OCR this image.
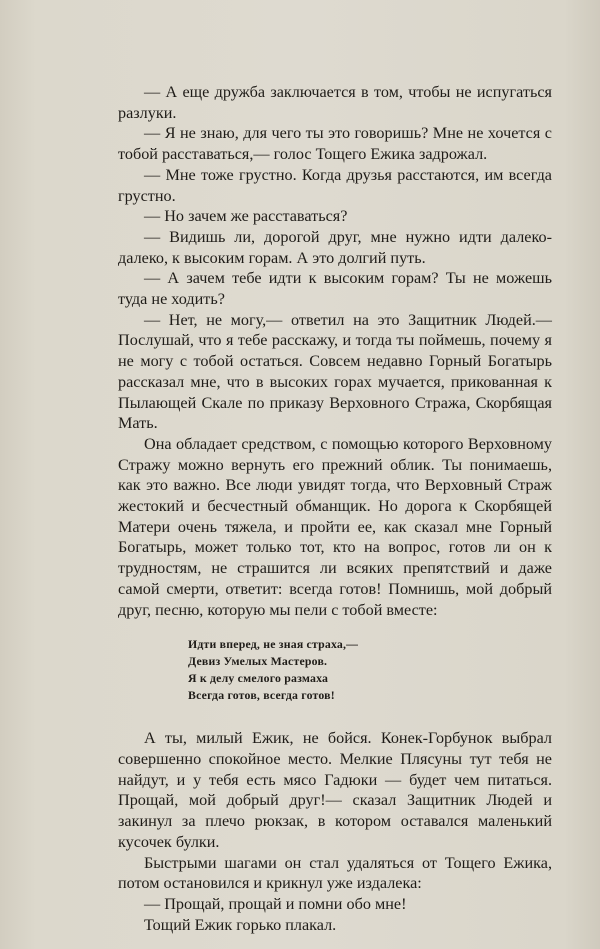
— А еще дружба заключается в том, чтобы не испугаться разлуки.

— Я не знаю, для чего ты это говоришь? Мне не хочется с тобой расставаться,— голос Тощего Ежика задрожал.

— Мне тоже грустно. Когда друзья расстаются, им всегда грустно.

— Но зачем же расставаться?

— Видишь ли, дорогой друг, мне нужно идти далеко-далеко, к высоким горам. А это долгий путь.

— А зачем тебе идти к высоким горам? Ты не можешь туда не ходить?

— Нет, не могу,— ответил на это Защитник Людей.— Послушай, что я тебе расскажу, и тогда ты поймешь, почему я не могу с тобой остаться. Совсем недавно Горный Богатырь рассказал мне, что в высоких горах мучается, прикованная к Пылающей Скале по приказу Верховного Стража, Скорбящая Мать.

Она обладает средством, с помощью которого Верховному Стражу можно вернуть его прежний облик. Ты понимаешь, как это важно. Все люди увидят тогда, что Верховный Страж жестокий и бесчестный обманщик. Но дорога к Скорбящей Матери очень тяжела, и пройти ее, как сказал мне Горный Богатырь, может только тот, кто на вопрос, готов ли он к трудностям, не страшится ли всяких препятствий и даже самой смерти, ответит: всегда готов! Помнишь, мой добрый друг, песню, которую мы пели с тобой вместе:

Идти вперед, не зная страха,—
Девиз Умелых Мастеров.
Я к делу смелого размаха
Всегда готов, всегда готов!

А ты, милый Ежик, не бойся. Конек-Горбунок выбрал совершенно спокойное место. Мелкие Плясуны тут тебя не найдут, и у тебя есть мясо Гадюки — будет чем питаться. Прощай, мой добрый друг!— сказал Защитник Людей и закинул за плечо рюкзак, в котором оставался маленький кусочек булки.

Быстрыми шагами он стал удаляться от Тощего Ежика, потом остановился и крикнул уже издалека:

— Прощай, прощай и помни обо мне!

Тощий Ежик горько плакал.
